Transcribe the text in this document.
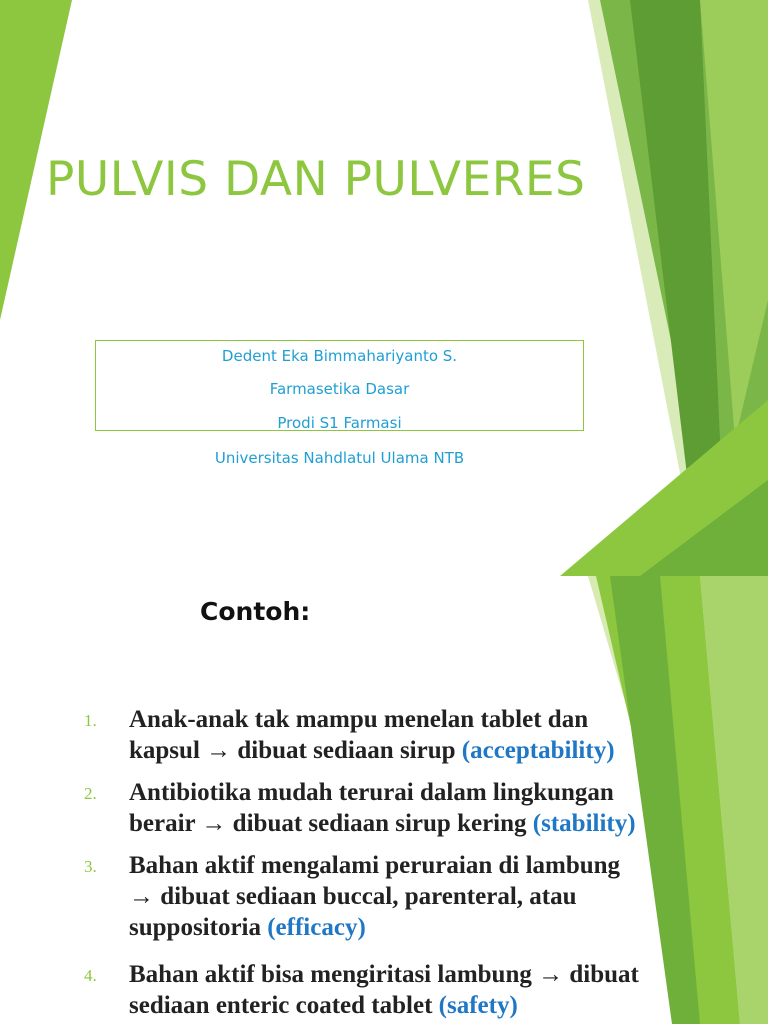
PULVIS DAN PULVERES
Dedent Eka Bimmahariyanto S.
Farmasetika Dasar
Prodi S1 Farmasi
Universitas Nahdlatul Ulama NTB
Contoh:
1. Anak-anak tak mampu menelan tablet dan
kapsul → dibuat sediaan sirup (acceptability)
2. Antibiotika mudah terurai dalam lingkungan
berair → dibuat sediaan sirup kering (stability)
3. Bahan aktif mengalami peruraian di lambung
→ dibuat sediaan buccal, parenteral, atau
suppositoria (efficacy)
4. Bahan aktif bisa mengiritasi lambung → dibuat
sediaan enteric coated tablet (safety)
